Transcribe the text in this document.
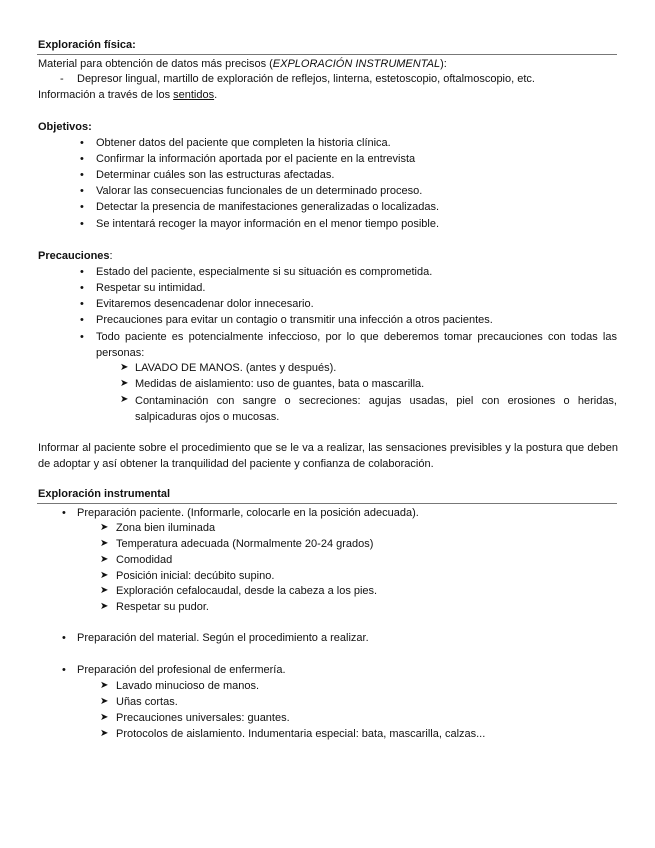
Exploración física:
Material para obtención de datos más precisos (EXPLORACIÓN INSTRUMENTAL):
- Depresor lingual, martillo de exploración de reflejos, linterna, estetoscopio, oftalmoscopio, etc.
Información a través de los sentidos.
Objetivos:
• Obtener datos del paciente que completen la historia clínica.
• Confirmar la información aportada por el paciente en la entrevista
• Determinar cuáles son las estructuras afectadas.
• Valorar las consecuencias funcionales de un determinado proceso.
• Detectar la presencia de manifestaciones generalizadas o localizadas.
• Se intentará recoger la mayor información en el menor tiempo posible.
Precauciones:
• Estado del paciente, especialmente si su situación es comprometida.
• Respetar su intimidad.
• Evitaremos desencadenar dolor innecesario.
• Precauciones para evitar un contagio o transmitir una infección a otros pacientes.
• Todo paciente es potencialmente infeccioso, por lo que deberemos tomar precauciones con todas las personas:
➤ LAVADO DE MANOS. (antes y después).
➤ Medidas de aislamiento: uso de guantes, bata o mascarilla.
➤ Contaminación con sangre o secreciones: agujas usadas, piel con erosiones o heridas, salpicaduras ojos o mucosas.
Informar al paciente sobre el procedimiento que se le va a realizar, las sensaciones previsibles y la postura que deben de adoptar y así obtener la tranquilidad del paciente y confianza de colaboración.
Exploración instrumental
• Preparación paciente. (Informarle, colocarle en la posición adecuada).
➤ Zona bien iluminada
➤ Temperatura adecuada (Normalmente 20-24 grados)
➤ Comodidad
➤ Posición inicial: decúbito supino.
➤ Exploración cefalocaudal, desde la cabeza a los pies.
➤ Respetar su pudor.
• Preparación del material. Según el procedimiento a realizar.
• Preparación del profesional de enfermería.
➤ Lavado minucioso de manos.
➤ Uñas cortas.
➤ Precauciones universales: guantes.
➤ Protocolos de aislamiento. Indumentaria especial: bata, mascarilla, calzas...
